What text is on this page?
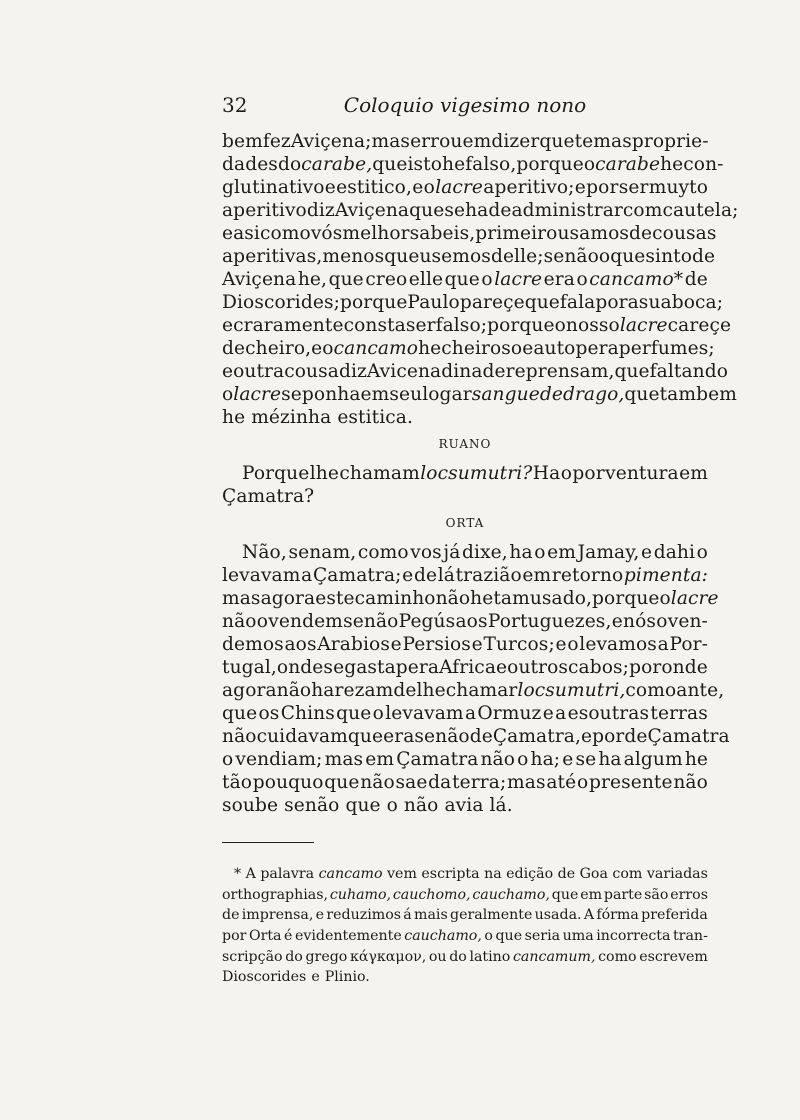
32	Coloquio vigesimo nono
bem fez Aviçena; mas errou em dizer que tem as proprie-
dades do carabe, que isto he falso, porque o carabe he con-
glutinativo e estitico, e o lacre aperitivo; e por ser muyto
aperitivo diz Aviçena que se ha de administrar com cautela;
e asi como vós melhor sabeis, primeiro usamos de cousas
aperitivas, menos que usemos delle; senão o que sinto de
Aviçena he, que creo elle que o lacre era o cancamo* de
Dioscorides; porque Paulo pareçe que fala por a sua boca;
e craramente consta ser falso; porque o nosso lacre careçe
de cheiro, e o cancamo he cheiroso e auto pera perfumes;
e outra cousa diz Avicena dina de reprensam, que faltando
o lacre se ponha em seu logar sangue de drago, que tambem
he mézinha estitica.
RUANO
Porque lhe chamam locsumutri? Ha o por ventura em
Çamatra?
ORTA
Não, senam, como vos já dixe, ha o em Jamay, e dahi o
levavam a Çamatra; e de lá trazião em retorno pimenta:
mas agora este caminho não he tam usado, porque o lacre
não o vendem senão Pegús aos Portuguezes, e nós o ven-
demos aos Arabios e Persios e Turcos; e o levamos a Por-
tugal, onde se gasta pera Africa e outros cabos; por onde
agora não ha rezam de lhe chamar locsumutri, como ante,
que os Chins que o levavam a Ormuz e a esoutras terras
não cuidavam que era senão de Çamatra, e por de Çamatra
o vendiam; mas em Çamatra não o ha; e se ha algum he
tão pouquo que não sae da terra; mas até o presente não
soube senão que o não avia lá.
* A palavra cancamo vem escripta na edição de Goa com variadas
orthographias, cuhamo, cauchomo, cauchamo, que em parte são erros
de imprensa, e reduzimos á mais geralmente usada. A fórma preferida
por Orta é evidentemente cauchamo, o que seria uma incorrecta tran-
scripção do grego κάγκαμον, ou do latino cancamum, como escrevem
Dioscorides e Plinio.
